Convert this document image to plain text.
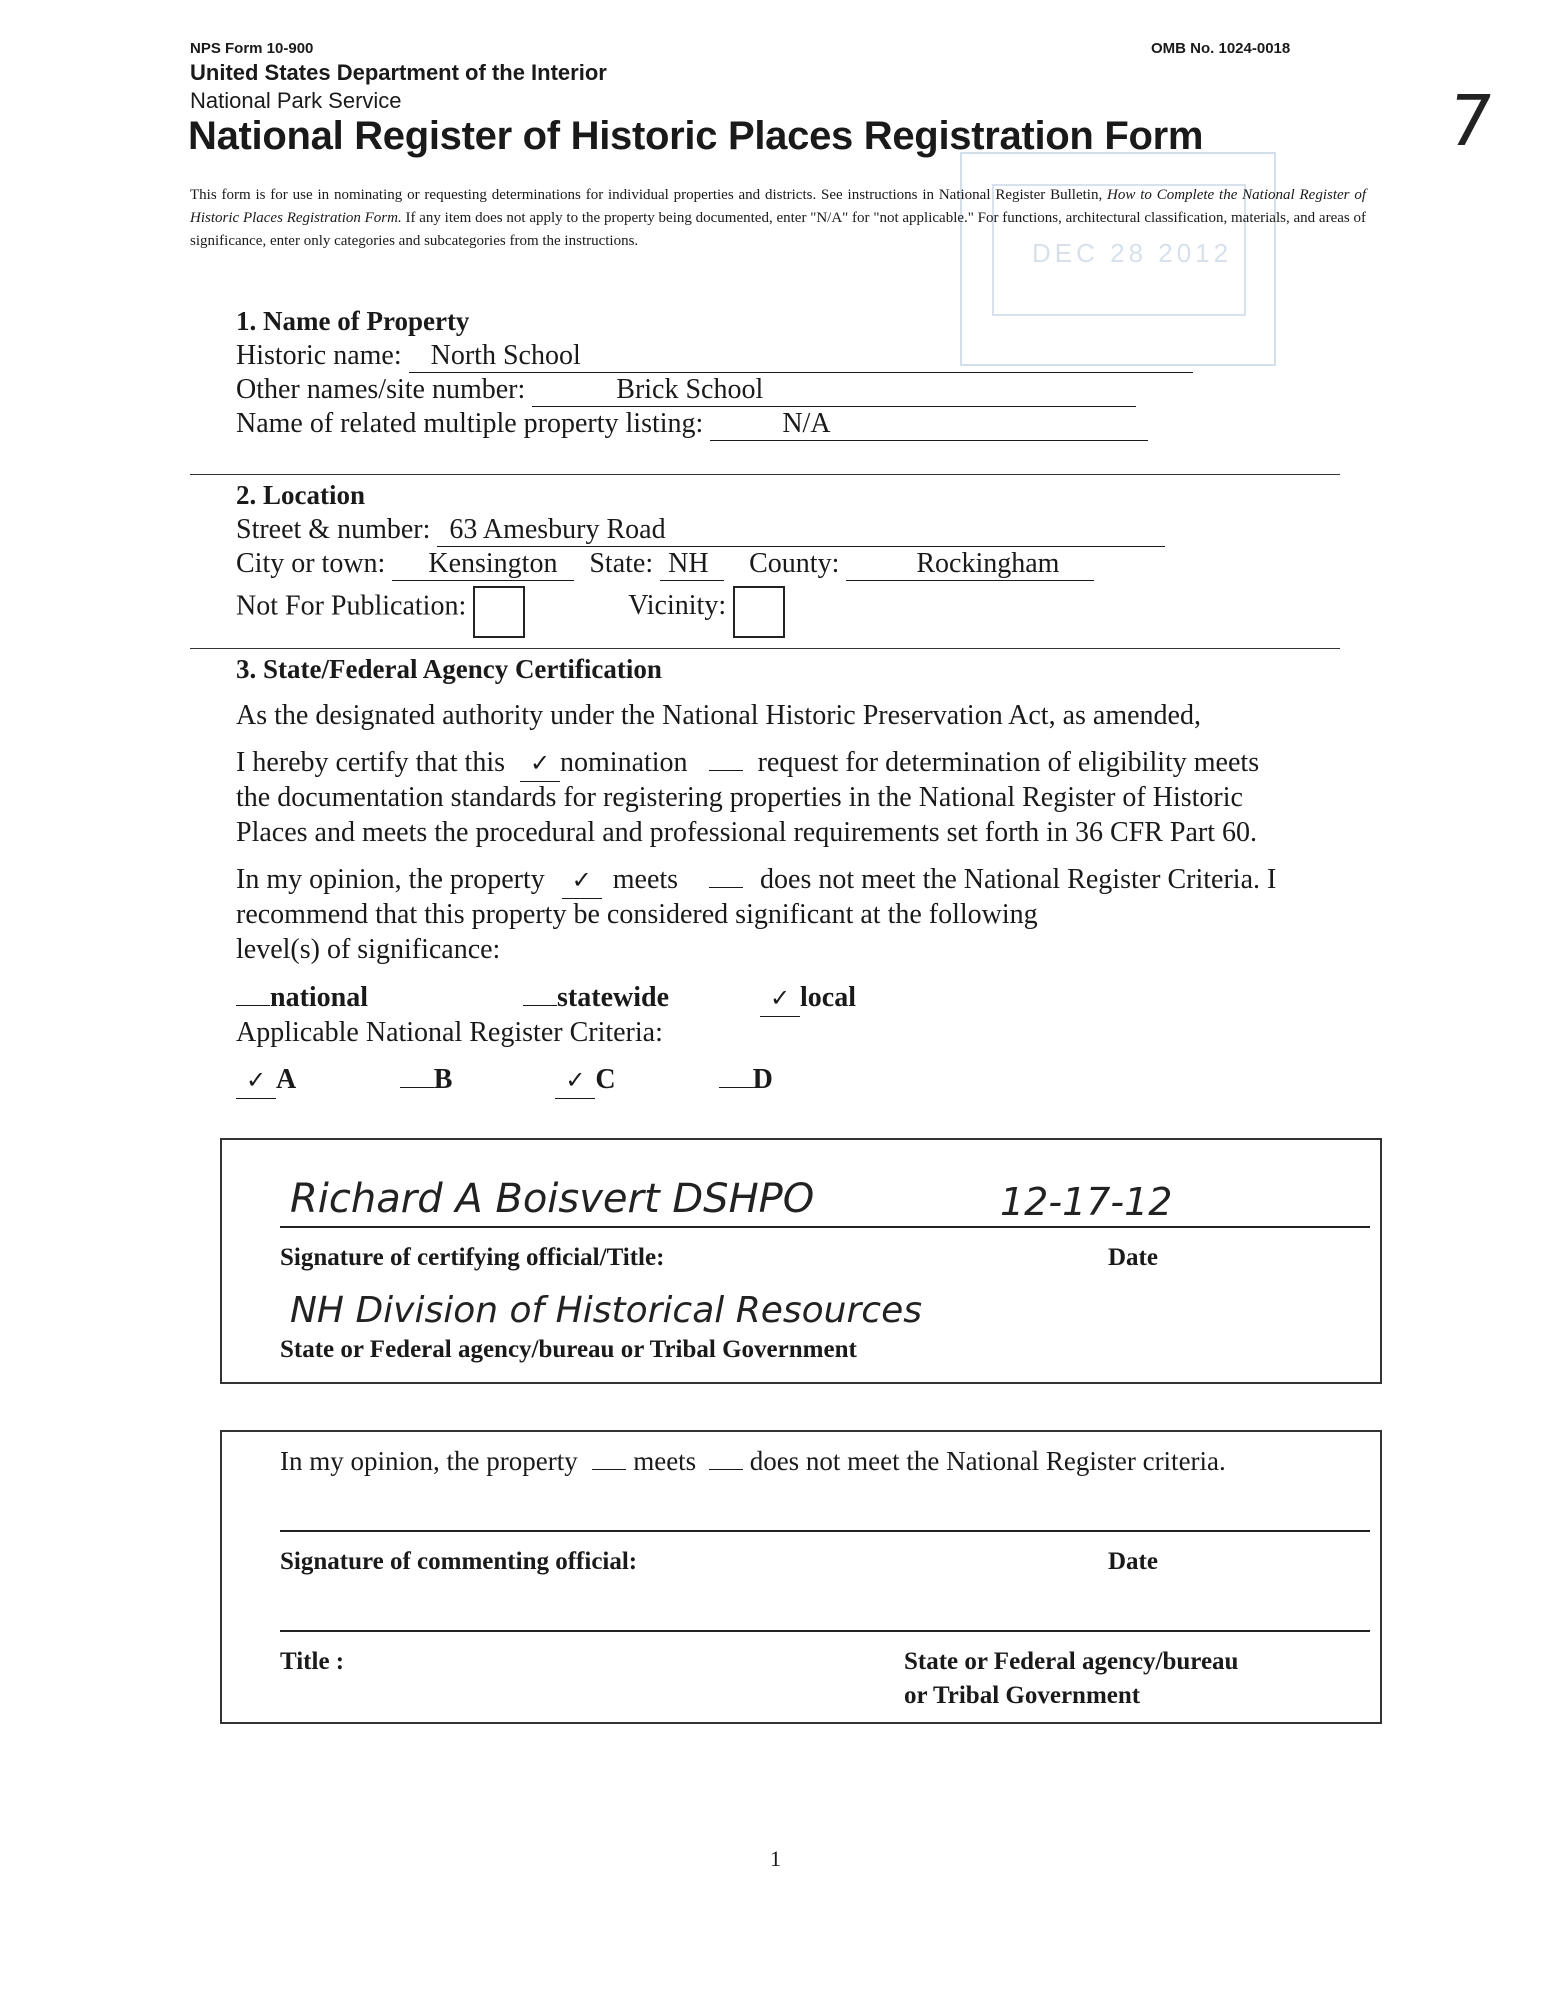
NPS Form 10-900	OMB No. 1024-0018
United States Department of the Interior
National Park Service
National Register of Historic Places Registration Form	7
DEC 28 2012
This form is for use in nominating or requesting determinations for individual properties and districts. See instructions in National Register Bulletin, How to Complete the National Register of Historic Places Registration Form. If any item does not apply to the property being documented, enter "N/A" for "not applicable." For functions, architectural classification, materials, and areas of significance, enter only categories and subcategories from the instructions.
1. Name of Property
Historic name: North School
Other names/site number:	Brick School
Name of related multiple property listing:	N/A
2. Location
Street & number: 63 Amesbury Road
City or town: Kensington State: NH County:	Rockingham
Not For Publication:	Vicinity:
3. State/Federal Agency Certification
As the designated authority under the National Historic Preservation Act, as amended,
I hereby certify that this ✓ nomination	request for determination of eligibility meets
the documentation standards for registering properties in the National Register of Historic
Places and meets the procedural and professional requirements set forth in 36 CFR Part 60.
In my opinion, the property ✓ meets	does not meet the National Register Criteria. I
recommend that this property be considered significant at the following
level(s) of significance:
national	statewide	✓ local
Applicable National Register Criteria:
✓ A	B	✓ C	D
Richard A Boisvert DSHPO	12-17-12
Signature of certifying official/Title:	Date
NH Division of Historical Resources
State or Federal agency/bureau or Tribal Government
In my opinion, the property meets does not meet the National Register criteria.
Signature of commenting official:	Date
Title :	State or Federal agency/bureau
or Tribal Government
1
